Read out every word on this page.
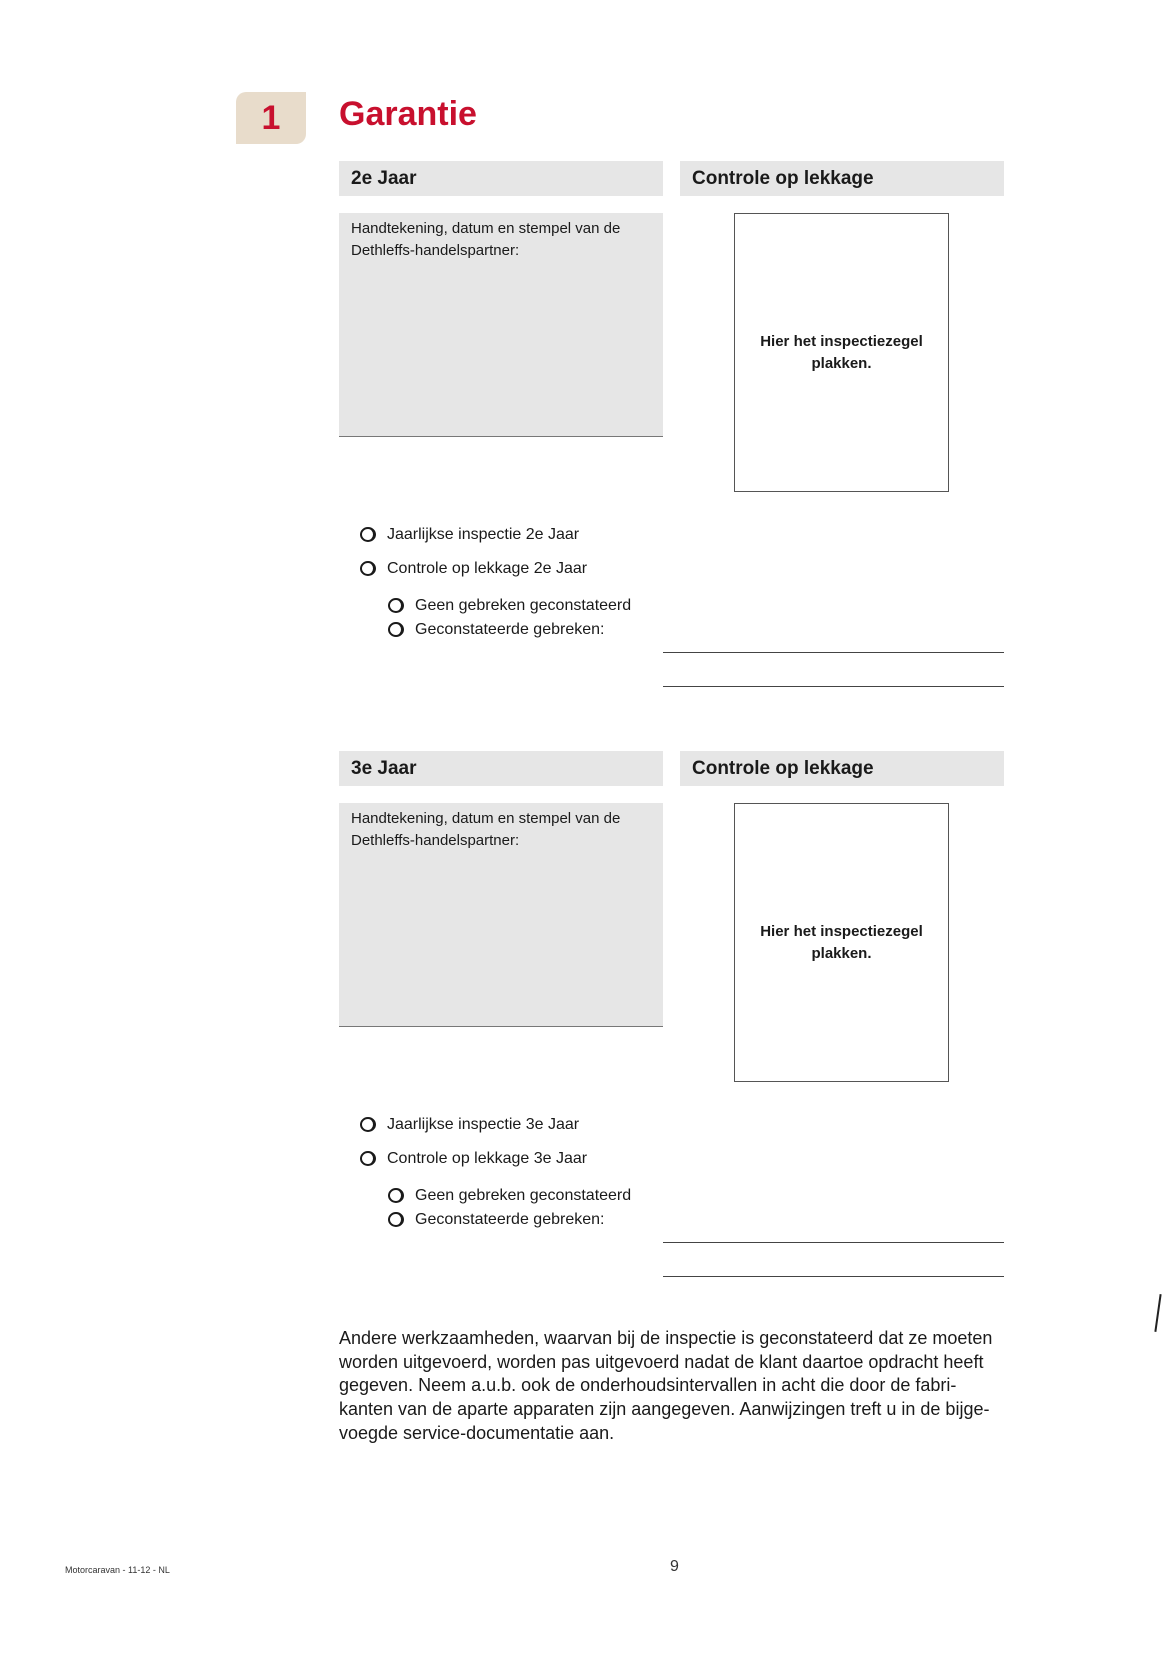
1	Garantie
2e Jaar	Controle op lekkage
Handtekening, datum en stempel van de Dethleffs-handelspartner:
Hier het inspectiezegel plakken.
Jaarlijkse inspectie 2e Jaar
Controle op lekkage 2e Jaar
Geen gebreken geconstateerd
Geconstateerde gebreken:
3e Jaar	Controle op lekkage
Handtekening, datum en stempel van de Dethleffs-handelspartner:
Hier het inspectiezegel plakken.
Jaarlijkse inspectie 3e Jaar
Controle op lekkage 3e Jaar
Geen gebreken geconstateerd
Geconstateerde gebreken:

Andere werkzaamheden, waarvan bij de inspectie is geconstateerd dat ze moeten worden uitgevoerd, worden pas uitgevoerd nadat de klant daartoe opdracht heeft gegeven. Neem a.u.b. ook de onderhoudsintervallen in acht die door de fabri-kanten van de aparte apparaten zijn aangegeven. Aanwijzingen treft u in de bijge-voegde service-documentatie aan.

Motorcaravan - 11-12 - NL	9
